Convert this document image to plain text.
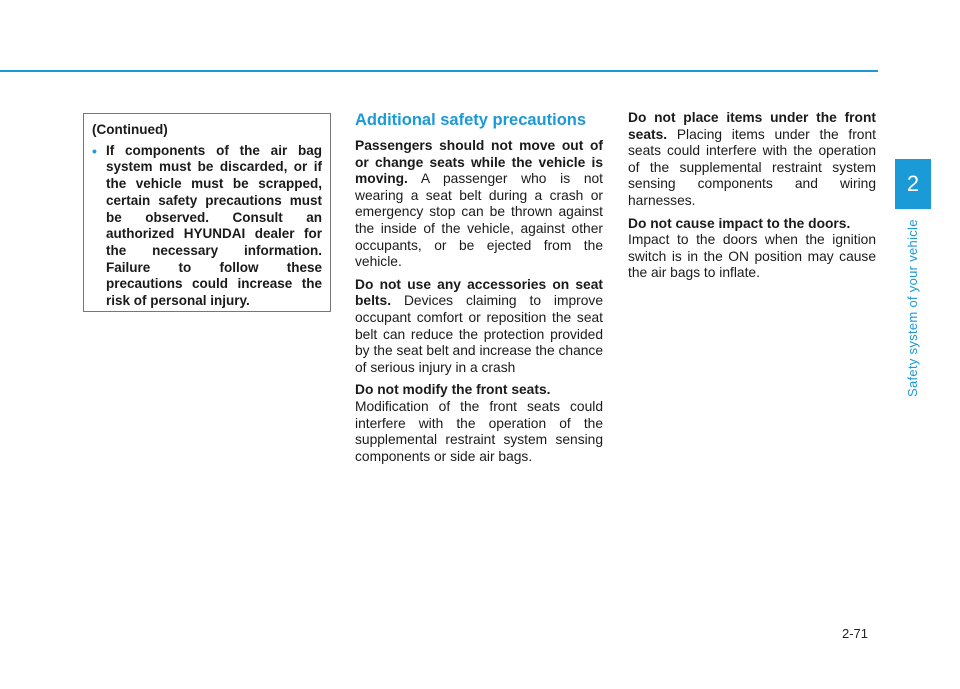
2
Safety system of your vehicle

(Continued)

• If components of the air bag system must be discarded, or if the vehicle must be scrapped, certain safety precautions must be observed. Consult an authorized HYUNDAI dealer for the necessary information. Failure to follow these precautions could increase the risk of personal injury.
Additional safety precautions

Passengers should not move out of or change seats while the vehicle is moving. A passenger who is not wearing a seat belt during a crash or emergency stop can be thrown against the inside of the vehicle, against other occupants, or be ejected from the vehicle.

Do not use any accessories on seat belts. Devices claiming to improve occupant comfort or reposition the seat belt can reduce the protection provided by the seat belt and increase the chance of serious injury in a crash

Do not modify the front seats.
Modification of the front seats could interfere with the operation of the supplemental restraint system sensing components or side air bags.

Do not place items under the front seats. Placing items under the front seats could interfere with the operation of the supplemental restraint system sensing components and wiring harnesses.

Do not cause impact to the doors.
Impact to the doors when the ignition switch is in the ON position may cause the air bags to inflate.

2-71
